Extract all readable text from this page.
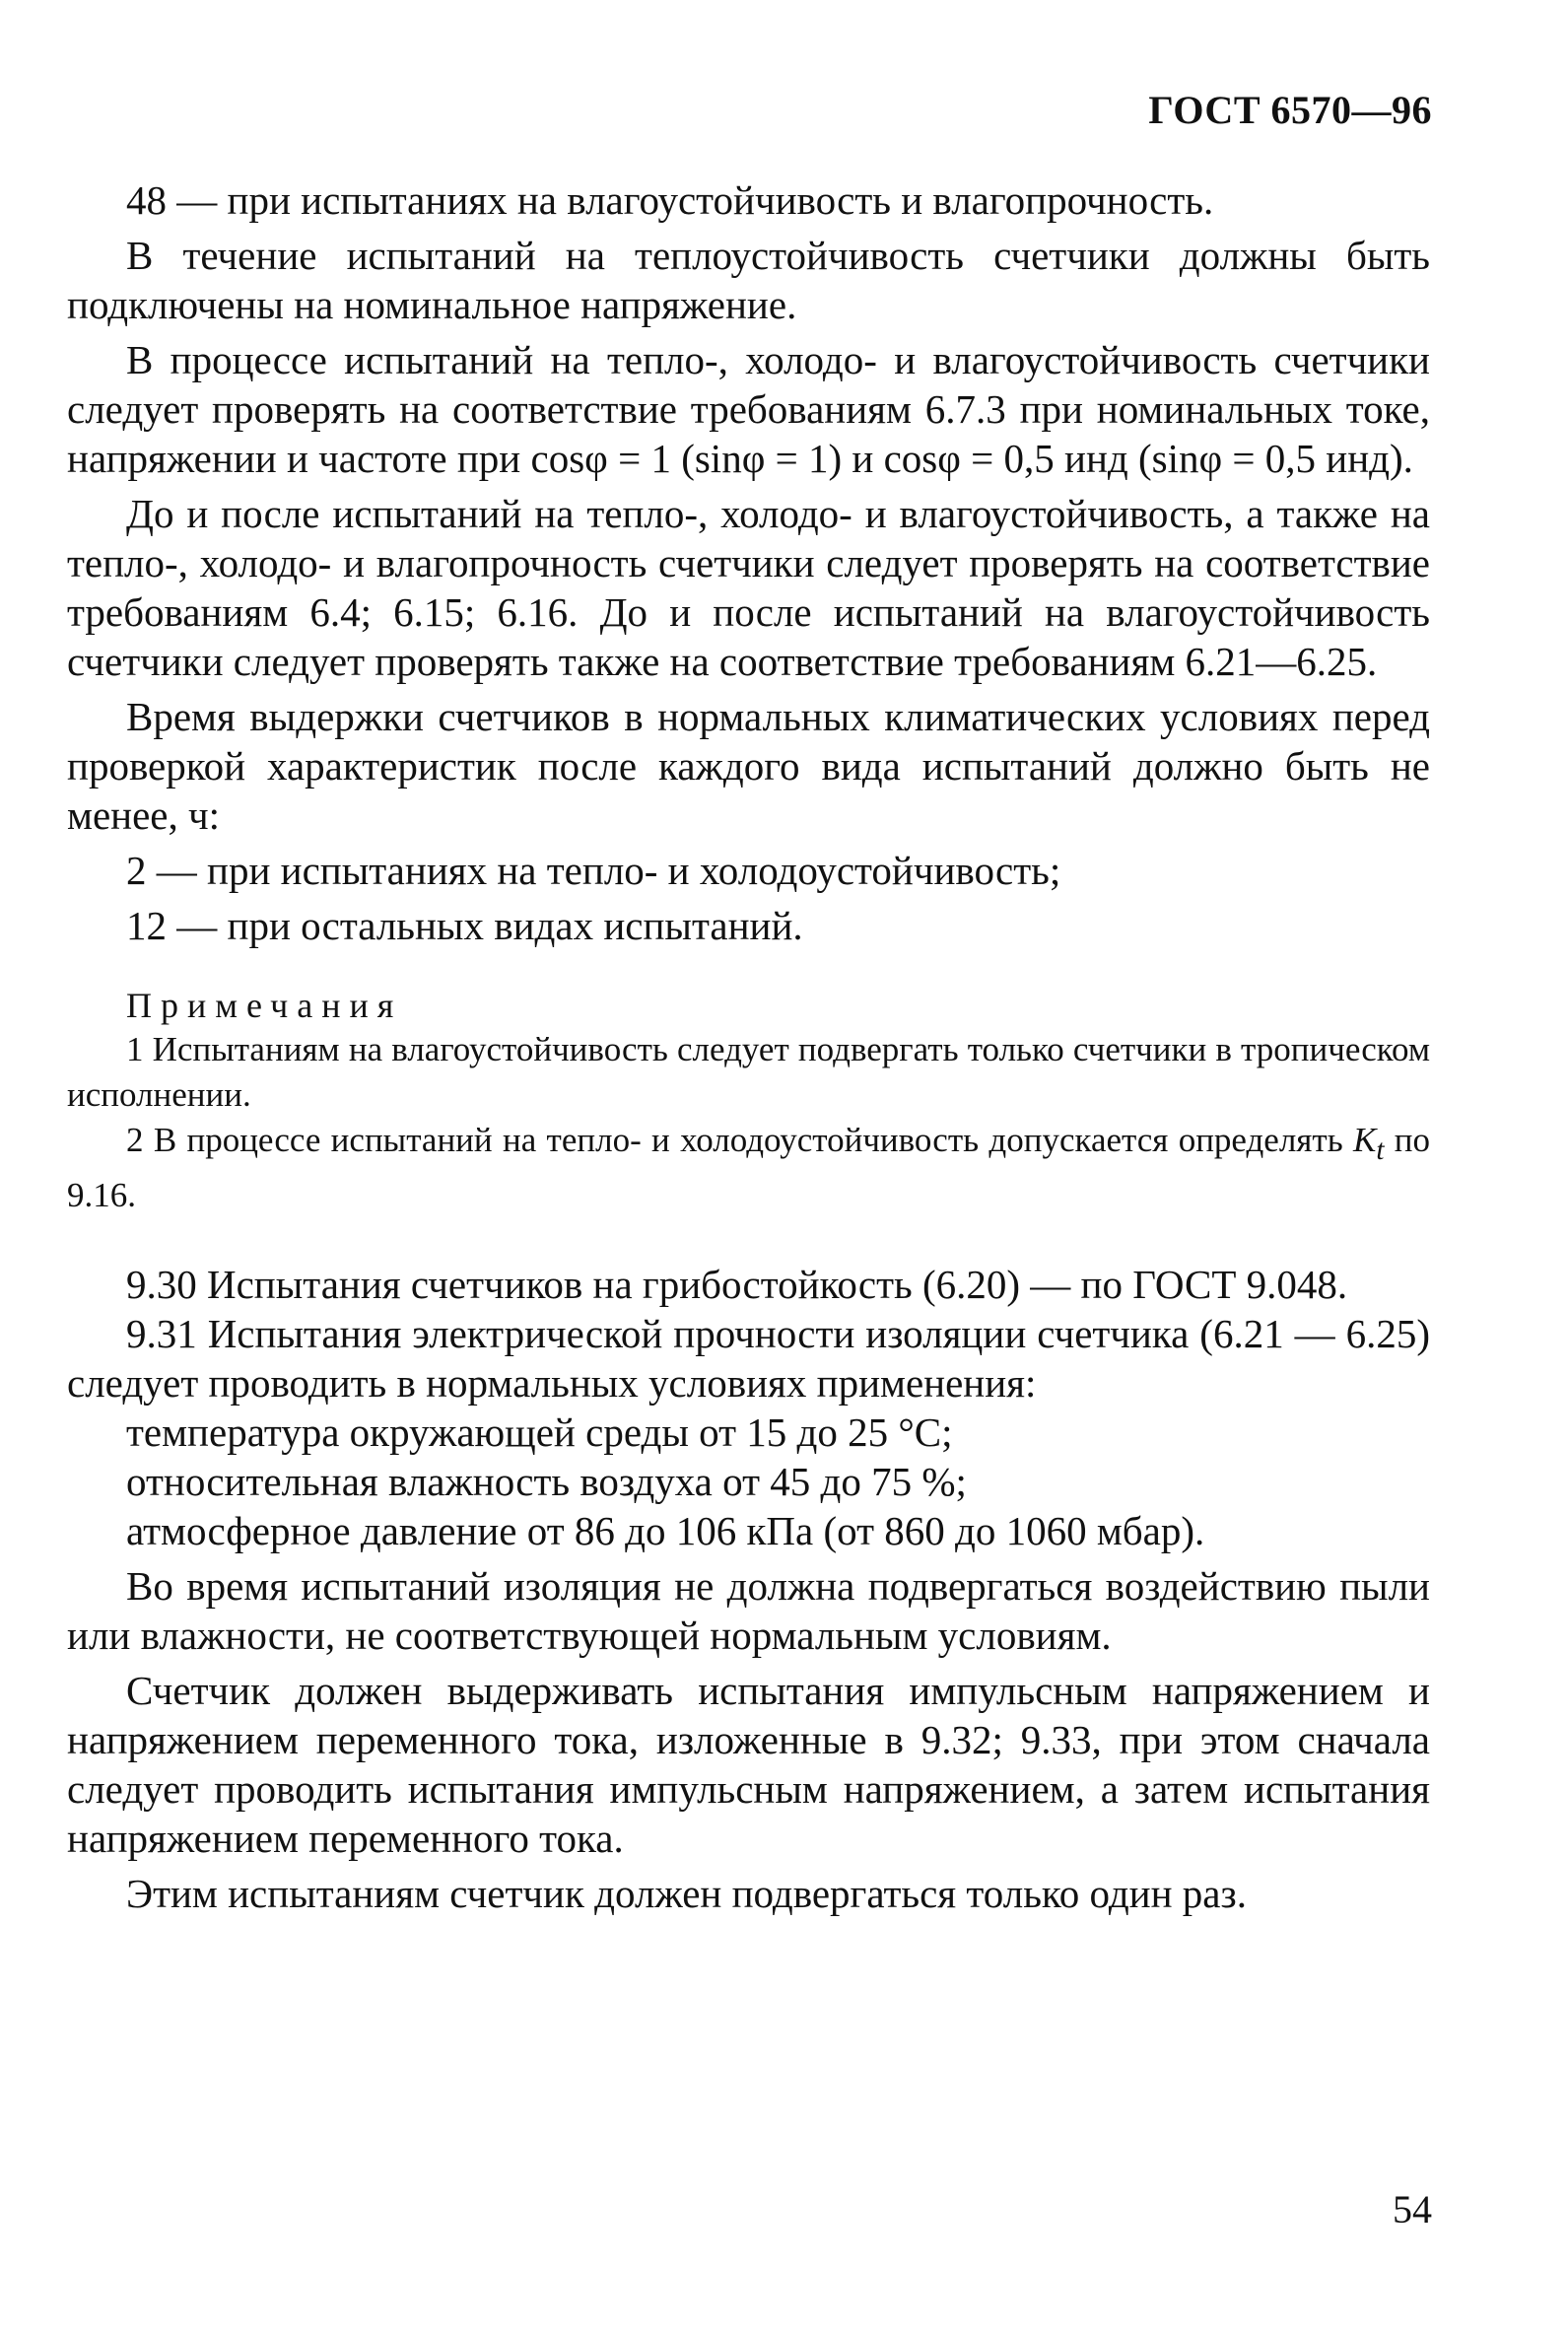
ГОСТ 6570—96

48 — при испытаниях на влагоустойчивость и влагопрочность.

В течение испытаний на теплоустойчивость счетчики должны быть подключены на номинальное напряжение.

В процессе испытаний на тепло-, холодо- и влагоустойчивость счетчики следует проверять на соответствие требованиям 6.7.3 при номинальных токе, напряжении и частоте при cosφ = 1 (sinφ = 1) и cosφ = 0,5 инд (sinφ = 0,5 инд).

До и после испытаний на тепло-, холодо- и влагоустойчивость, а также на тепло-, холодо- и влагопрочность счетчики следует проверять на соответствие требованиям 6.4; 6.15; 6.16. До и после испытаний на влагоустойчивость счетчики следует проверять также на соответствие требованиям 6.21—6.25.

Время выдержки счетчиков в нормальных климатических условиях перед проверкой характеристик после каждого вида испытаний должно быть не менее, ч:

2 — при испытаниях на тепло- и холодоустойчивость;

12 — при остальных видах испытаний.

Примечания

1 Испытаниям на влагоустойчивость следует подвергать только счетчики в тропическом исполнении.

2 В процессе испытаний на тепло- и холодоустойчивость допускается определять $K_t$ по 9.16.

9.30 Испытания счетчиков на грибостойкость (6.20) — по ГОСТ 9.048.

9.31 Испытания электрической прочности изоляции счетчика (6.21 — 6.25) следует проводить в нормальных условиях применения:

температура окружающей среды от 15 до 25 °C;

относительная влажность воздуха от 45 до 75 %;

атмосферное давление от 86 до 106 кПа (от 860 до 1060 мбар).

Во время испытаний изоляция не должна подвергаться воздействию пыли или влажности, не соответствующей нормальным условиям.

Счетчик должен выдерживать испытания импульсным напряжением и напряжением переменного тока, изложенные в 9.32; 9.33, при этом сначала следует проводить испытания импульсным напряжением, а затем испытания напряжением переменного тока.

Этим испытаниям счетчик должен подвергаться только один раз.

54
